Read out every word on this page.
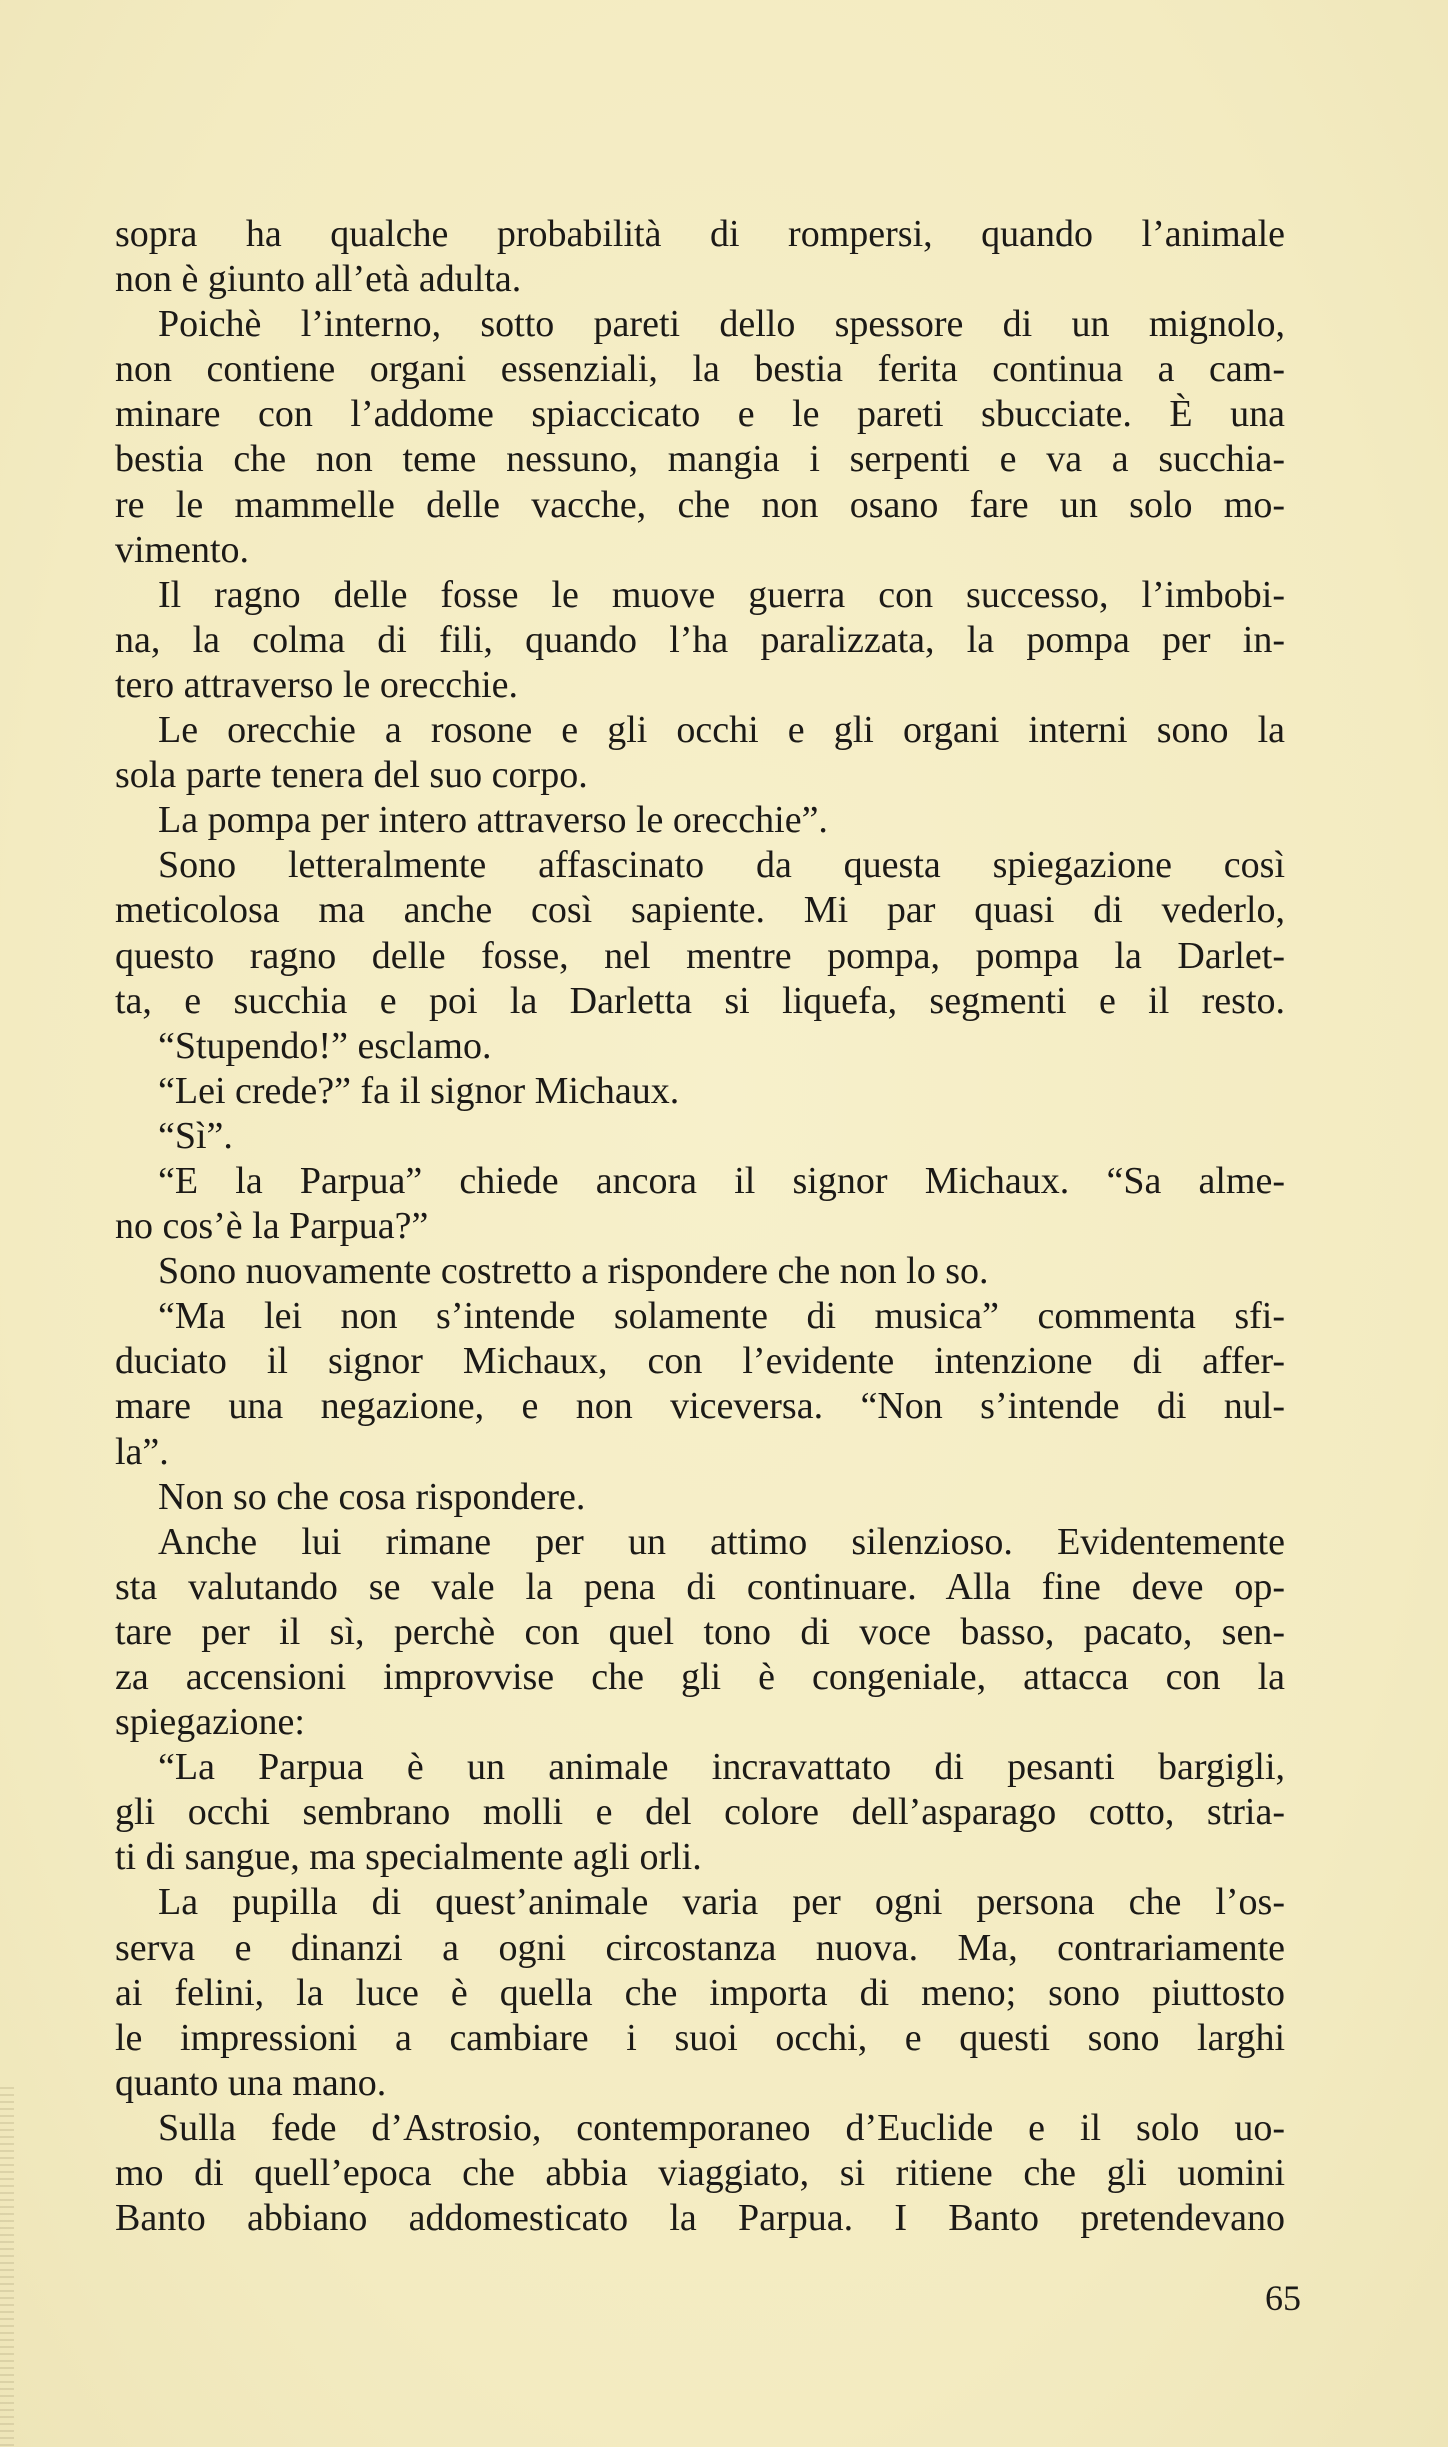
sopra ha qualche probabilità di rompersi, quando l’animale
non è giunto all’età adulta.
Poichè l’interno, sotto pareti dello spessore di un mignolo,
non contiene organi essenziali, la bestia ferita continua a cam-
minare con l’addome spiaccicato e le pareti sbucciate. È una
bestia che non teme nessuno, mangia i serpenti e va a succhia-
re le mammelle delle vacche, che non osano fare un solo mo-
vimento.
Il ragno delle fosse le muove guerra con successo, l’imbobi-
na, la colma di fili, quando l’ha paralizzata, la pompa per in-
tero attraverso le orecchie.
Le orecchie a rosone e gli occhi e gli organi interni sono la
sola parte tenera del suo corpo.
La pompa per intero attraverso le orecchie”.
Sono letteralmente affascinato da questa spiegazione così
meticolosa ma anche così sapiente. Mi par quasi di vederlo,
questo ragno delle fosse, nel mentre pompa, pompa la Darlet-
ta, e succhia e poi la Darletta si liquefa, segmenti e il resto.
“Stupendo!” esclamo.
“Lei crede?” fa il signor Michaux.
“Sì”.
“E la Parpua” chiede ancora il signor Michaux. “Sa alme-
no cos’è la Parpua?”
Sono nuovamente costretto a rispondere che non lo so.
“Ma lei non s’intende solamente di musica” commenta sfi-
duciato il signor Michaux, con l’evidente intenzione di affer-
mare una negazione, e non viceversa. “Non s’intende di nul-
la”.
Non so che cosa rispondere.
Anche lui rimane per un attimo silenzioso. Evidentemente
sta valutando se vale la pena di continuare. Alla fine deve op-
tare per il sì, perchè con quel tono di voce basso, pacato, sen-
za accensioni improvvise che gli è congeniale, attacca con la
spiegazione:
“La Parpua è un animale incravattato di pesanti bargigli,
gli occhi sembrano molli e del colore dell’asparago cotto, stria-
ti di sangue, ma specialmente agli orli.
La pupilla di quest’animale varia per ogni persona che l’os-
serva e dinanzi a ogni circostanza nuova. Ma, contrariamente
ai felini, la luce è quella che importa di meno; sono piuttosto
le impressioni a cambiare i suoi occhi, e questi sono larghi
quanto una mano.
Sulla fede d’Astrosio, contemporaneo d’Euclide e il solo uo-
mo di quell’epoca che abbia viaggiato, si ritiene che gli uomini
Banto abbiano addomesticato la Parpua. I Banto pretendevano
65
